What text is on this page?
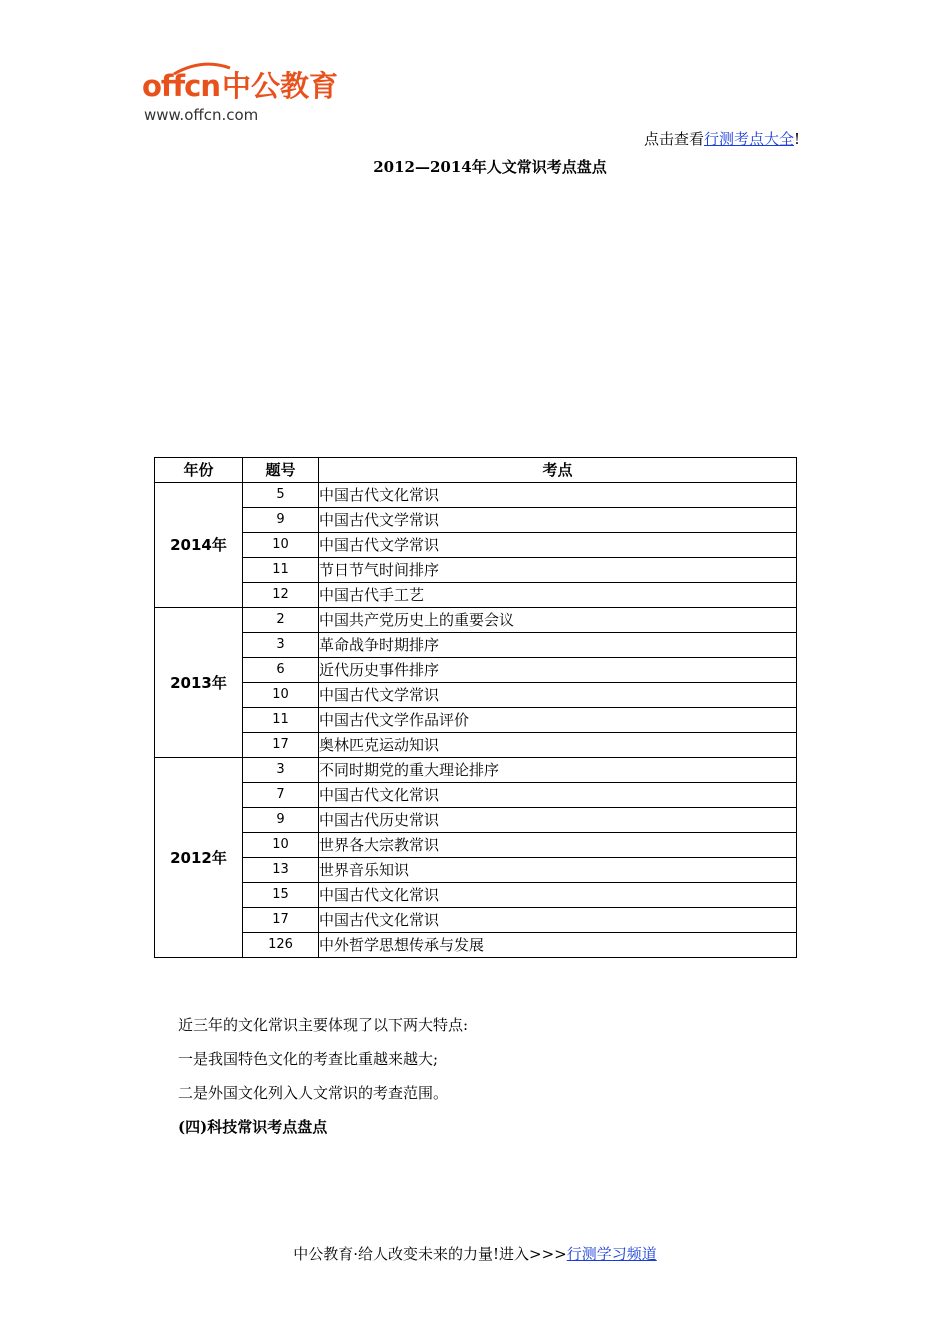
offcn中公教育
www.offcn.com
点击查看行测考点大全!
2012—2014年人文常识考点盘点
年份	题号	考点
2014年	5	中国古代文化常识
	9	中国古代文学常识
	10	中国古代文学常识
	11	节日节气时间排序
	12	中国古代手工艺
2013年	2	中国共产党历史上的重要会议
	3	革命战争时期排序
	6	近代历史事件排序
	10	中国古代文学常识
	11	中国古代文学作品评价
	17	奥林匹克运动知识
2012年	3	不同时期党的重大理论排序
	7	中国古代文化常识
	9	中国古代历史常识
	10	世界各大宗教常识
	13	世界音乐知识
	15	中国古代文化常识
	17	中国古代文化常识
	126	中外哲学思想传承与发展
近三年的文化常识主要体现了以下两大特点:
一是我国特色文化的考查比重越来越大;
二是外国文化列入人文常识的考查范围。
(四)科技常识考点盘点
中公教育·给人改变未来的力量!进入>>>行测学习频道
